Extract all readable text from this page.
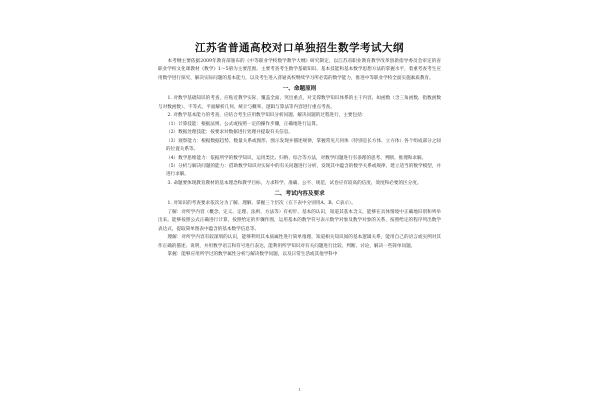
江苏省普通高校对口单独招生数学考试大纲
本考纲主要依据2009年教育部颁布的《中等职业学校数学教学大纲》研究制定，以江苏省职业教育教学改革创新指导委员会审定的省职业学校文化课教材《数学》1～5册为主要范围。主要考查考生数学基础知识、基本技能和基本数学思想方法的掌握水平，着重考查考生应用数学进行探究、解决实际问题的基本能力，以及考生进入普通高校继续学习所必需的数学能力，推进中等职业学校全面实施素质教育。
一、命题原则
1. 对数学基础知识的考查，应贴近教学实际，覆盖全面，突出重点，对支撑数学知识体系的主干内容，如函数（含三角函数、指数函数与对数函数）、不等式、平面解析几何、统计与概率、逻辑与算法等内容进行重点考查。
2. 对数学基本能力的考查，应结合考生应用数学知识分析问题、解决问题的过程进行，主要包括：
（1）计算技能：根据法则、公式或按照一定的操作步骤，正确地进行运算。
（2）数据处理技能：按要求对数据进行处理并提取有关信息。
（3）观察能力：根据数据趋势、数量关系或图形、图示发现并描述规律，掌握常见几何体（特别是长方体、立方体）各个组成部分之间的位置关系等。
（4）数学思维能力：依据所学的数学知识，运用类比、归纳、综合等方法，对数学问题进行有条理的思考、判断、推理和求解。
（5）分析与解决问题的能力：借助数学知识对实际中的有关问题进行分析，发现其中蕴含的数学关系或规律，建立适当的数学模型，并进行求解。
3. 命题要体现教育教材的基本理念和教学目标，力求科学、准确、公平、规范，试卷应有较高的信度、效度和必要的区分度。
二、考试内容及要求
1. 对知识的考查要求依次分为了解、理解、掌握三个层次（在下表中分别用A、B、C表示）。
了解：对所学内容（概念、定义、定理、法则、方法等）有初步、基本的认识，知道其基本含义，能够在具体情境中正确地识别和列举出来。能够按照公式正确进行计算，按照给定的步骤作图，运用基本的数学符号表示数学对象及数学对象的关系，按照给定的程序列出数学表达式，提取简单图表中蕴含的基本数学信息等。
理解：对所学内容有较深刻的认识，能够利用其本质属性进行简单推理，知道相关知识间的基本逻辑关系，能用自己的语言或实例对其作正确的描述、说明，并用数学语言和符号进行表达，能利用所学知识对有关问题进行比较、判断、讨论，解决一些简单问题。
掌握：能够应用所学过的数学属性分析与解决数学问题，以及日常生活或其他学科中
1
